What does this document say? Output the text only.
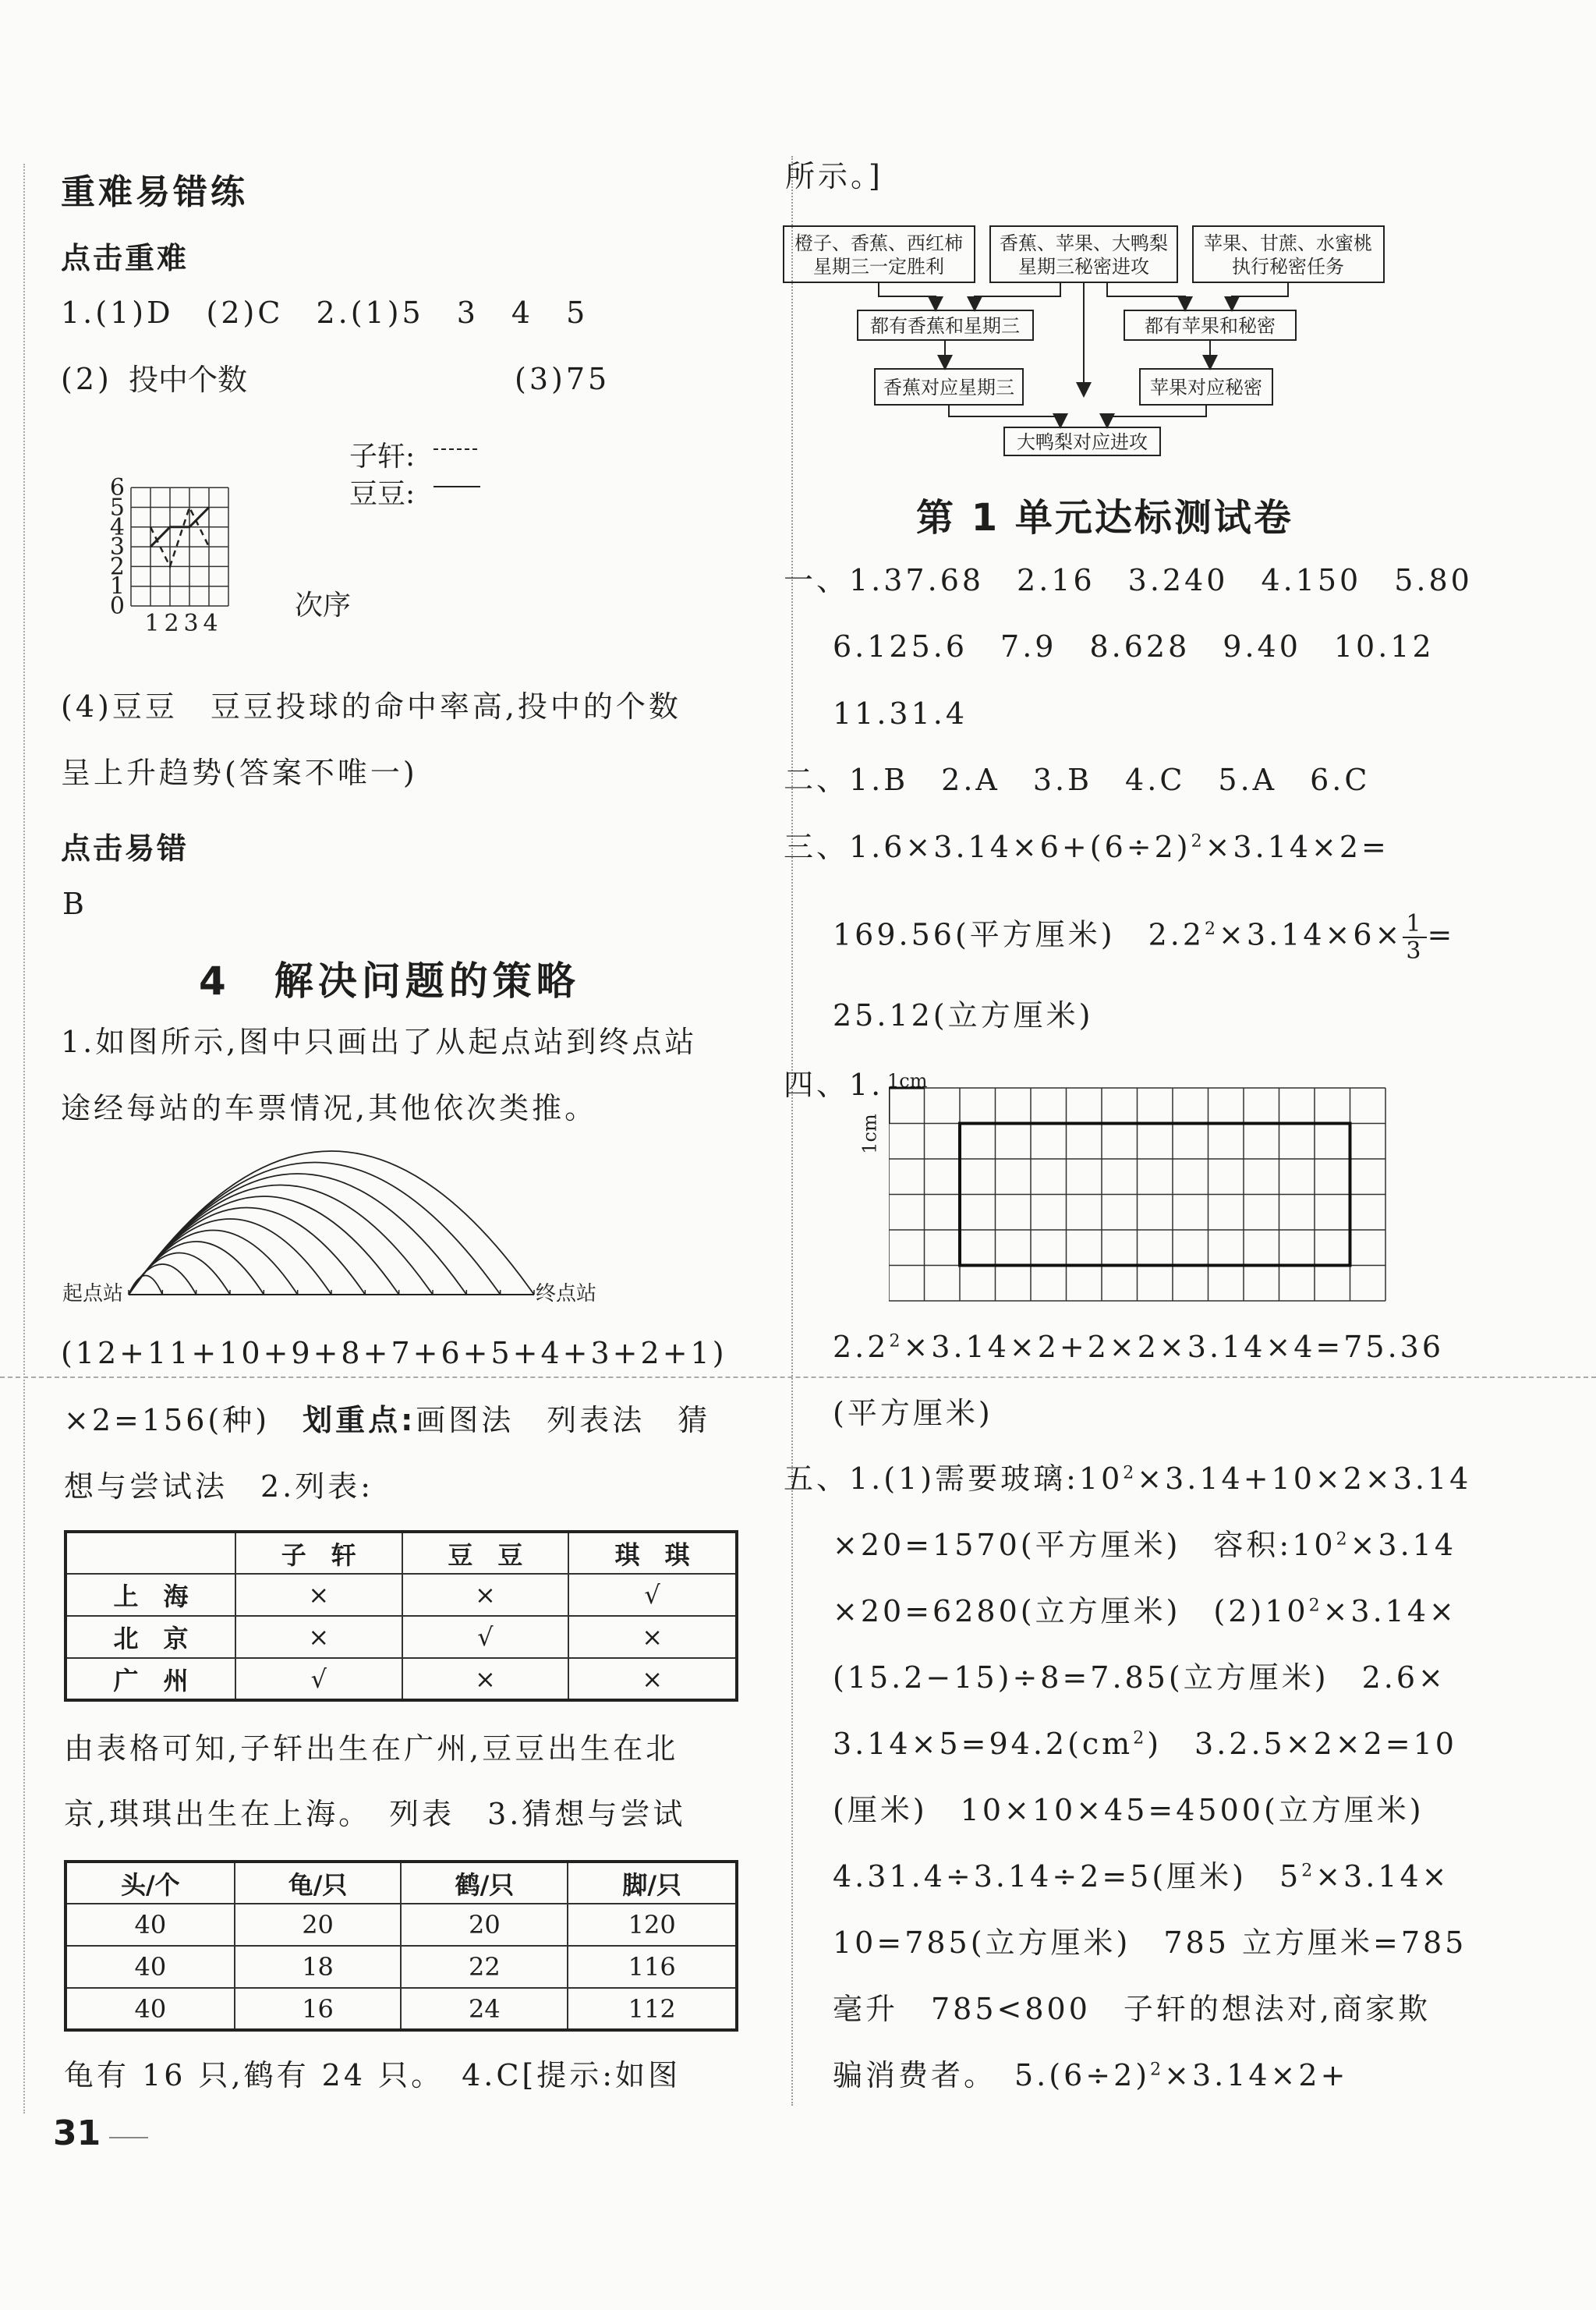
重难易错练
点击重难
1.(1)D　(2)C　2.(1)5　3　4　5
(2)	(3)75
投中个数
次序
0
1
2
3
4
5
6
1 2 3 4
子轩:
豆豆:
(4)豆豆　豆豆投球的命中率高,投中的个数
呈上升趋势(答案不唯一)
点击易错
B
4　解决问题的策略
1.如图所示,图中只画出了从起点站到终点站
途经每站的车票情况,其他依次类推。
起点站	终点站
(12+11+10+9+8+7+6+5+4+3+2+1)
×2=156(种)　 划重点:画图法　列表法　猜
想与尝试法　2.列表:
	子　轩	豆　豆	琪　琪
上　海	×	×	√
北　京	×	√	×
广　州	√	×	×
由表格可知,子轩出生在广州,豆豆出生在北
京,琪琪出生在上海。　列表　3.猜想与尝试
头/个	龟/只	鹤/只	脚/只
40	20	20	120
40	18	22	116
40	16	24	112
龟有 16 只,鹤有 24 只。　4.C[提示:如图
31
所示。]
橙子、香蕉、西红柿
星期三一定胜利
香蕉、苹果、大鸭梨
星期三秘密进攻
苹果、甘蔗、水蜜桃
执行秘密任务
都有香蕉和星期三	都有苹果和秘密
香蕉对应星期三	苹果对应秘密
大鸭梨对应进攻
第 1 单元达标测试卷
一、1.37.68　2.16　3.240　4.150　5.80
6.125.6　7.9　8.628　9.40　10.12
11.31.4
二、1.B　2.A　3.B　4.C　5.A　6.C
三、$1.6\times 3.14\times 6+(6\div 2)^2\times 3.14\times 2=$
169.56(平方厘米)　$2.2^2\times 3.14\times 6\times \frac{1}{3}$ =
25.12(立方厘米)
四、1. 1cm
1cm
$2.2^2\times 3.14\times 2+2\times 2\times 3.14\times 4=75.36$
(平方厘米)
五、1.(1)需要玻璃$:10^2\times 3.14+10\times 2\times 3.14$
×20=1570(平方厘米)　容积$:10^2\times 3.14$
×20=6280(立方厘米)　$(2)10^2\times 3.14\times$
(15.2−15)÷8=7.85(立方厘米)　2.6×
$3.14\times 5=94.2(cm^2)$　3.2.5×2×2=10
(厘米)　10×10×45=4500(立方厘米)
4.31.4÷3.14÷2=5(厘米)　$5^2\times 3.14\times$
10=785(立方厘米)　785 立方厘米=785
毫升　785<800　子轩的想法对,商家欺
骗消费者。　$5.(6\div 2)^2\times 3.14\times 2+$
